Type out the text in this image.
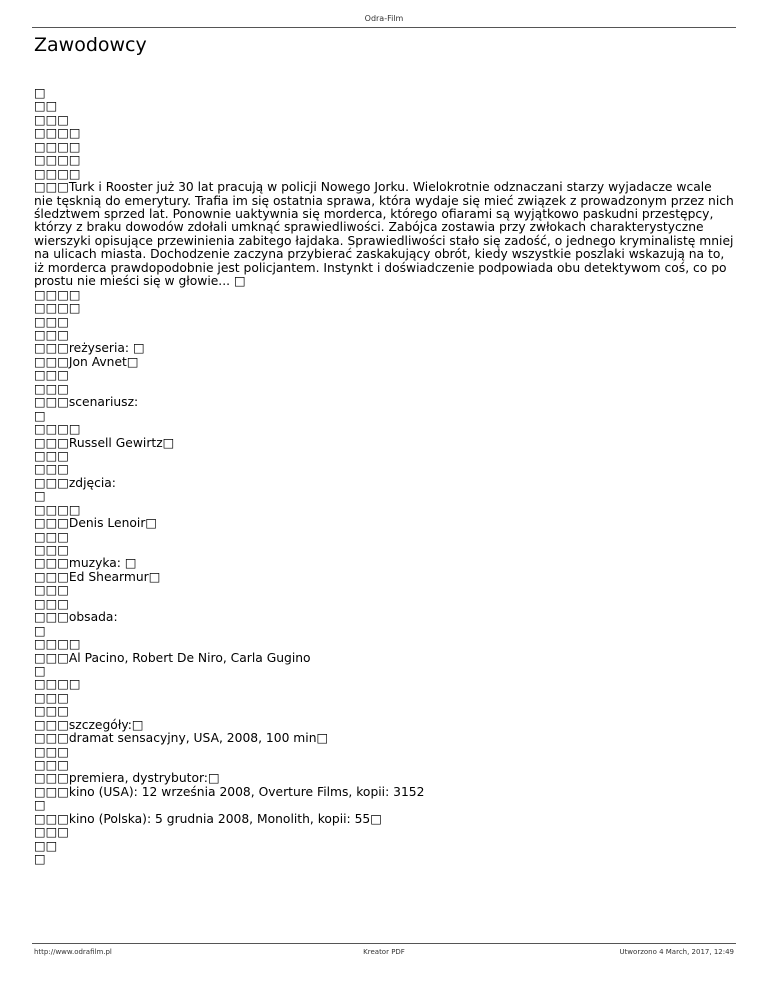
Odra-Film
Zawodowcy
□
□□
□□□
□□□□
□□□□
□□□□
□□□□
□□□Turk i Rooster już 30 lat pracują w policji Nowego Jorku. Wielokrotnie odznaczani starzy wyjadacze wcale nie tęsknią do emerytury. Trafia im się ostatnia sprawa, która wydaje się mieć związek z prowadzonym przez nich śledztwem sprzed lat. Ponownie uaktywnia się morderca, którego ofiarami są wyjątkowo paskudni przestępcy, którzy z braku dowodów zdołali umknąć sprawiedliwości. Zabójca zostawia przy zwłokach charakterystyczne wierszyki opisujące przewinienia zabitego łajdaka. Sprawiedliwości stało się zadość, o jednego kryminalistę mniej na ulicach miasta. Dochodzenie zaczyna przybierać zaskakujący obrót, kiedy wszystkie poszlaki wskazują na to, iż morderca prawdopodobnie jest policjantem. Instynkt i doświadczenie podpowiada obu detektywom coś, co po prostu nie mieści się w głowie... □
□□□□
□□□□
□□□
□□□
□□□reżyseria: □
□□□Jon Avnet□
□□□
□□□
□□□scenariusz:
□
□□□□
□□□Russell Gewirtz□
□□□
□□□
□□□zdjęcia:
□
□□□□
□□□Denis Lenoir□
□□□
□□□
□□□muzyka: □
□□□Ed Shearmur□
□□□
□□□
□□□obsada:
□
□□□□
□□□Al Pacino, Robert De Niro, Carla Gugino
□
□□□□
□□□
□□□
□□□szczegóły:□
□□□dramat sensacyjny, USA, 2008, 100 min□
□□□
□□□
□□□premiera, dystrybutor:□
□□□kino (USA): 12 września 2008, Overture Films, kopii: 3152
□
□□□kino (Polska): 5 grudnia 2008, Monolith, kopii: 55□
□□□
□□
□
http://www.odrafilm.pl	Kreator PDF	Utworzono 4 March, 2017, 12:49
